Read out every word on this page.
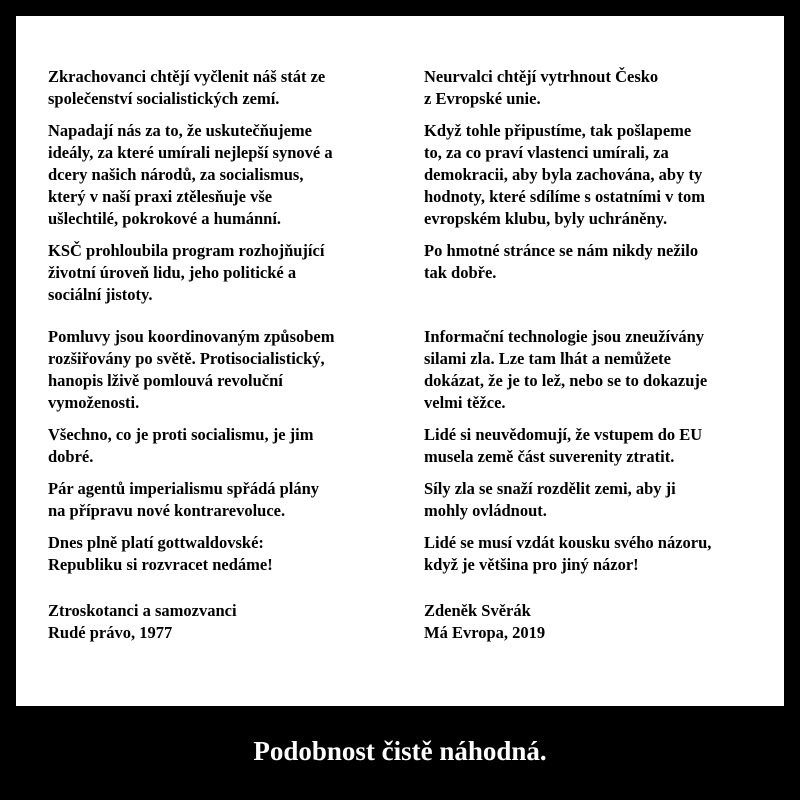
Zkrachovanci chtějí vyčlenit náš stát ze
společenství socialistických zemí.

Napadají nás za to, že uskutečňujeme
ideály, za které umírali nejlepší synové a
dcery našich národů, za socialismus,
který v naší praxi ztělesňuje vše
ušlechtilé, pokrokové a humánní.

KSČ prohloubila program rozhojňující
životní úroveň lidu, jeho politické a
sociální jistoty.

Pomluvy jsou koordinovaným způsobem
rozšiřovány po světě. Protisocialistický,
hanopis lživě pomlouvá revoluční
vymoženosti.

Všechno, co je proti socialismu, je jim
dobré.

Pár agentů imperialismu spřádá plány
na přípravu nové kontrarevoluce.

Dnes plně platí gottwaldovské:
Republiku si rozvracet nedáme!

Neurvalci chtějí vytrhnout Česko
z Evropské unie.

Když tohle připustíme, tak pošlapeme
to, za co praví vlastenci umírali, za
demokracii, aby byla zachována, aby ty
hodnoty, které sdílíme s ostatními v tom
evropském klubu, byly uchráněny.

Po hmotné stránce se nám nikdy nežilo
tak dobře.

Informační technologie jsou zneužívány
silami zla. Lze tam lhát a nemůžete
dokázat, že je to lež, nebo se to dokazuje
velmi těžce.

Lidé si neuvědomují, že vstupem do EU
musela země část suverenity ztratit.

Síly zla se snaží rozdělit zemi, aby ji
mohly ovládnout.

Lidé se musí vzdát kousku svého názoru,
když je většina pro jiný názor!

Ztroskotanci a samozvanci
Rudé právo, 1977
Zdeněk Svěrák
Má Evropa, 2019
Podobnost čistě náhodná.
